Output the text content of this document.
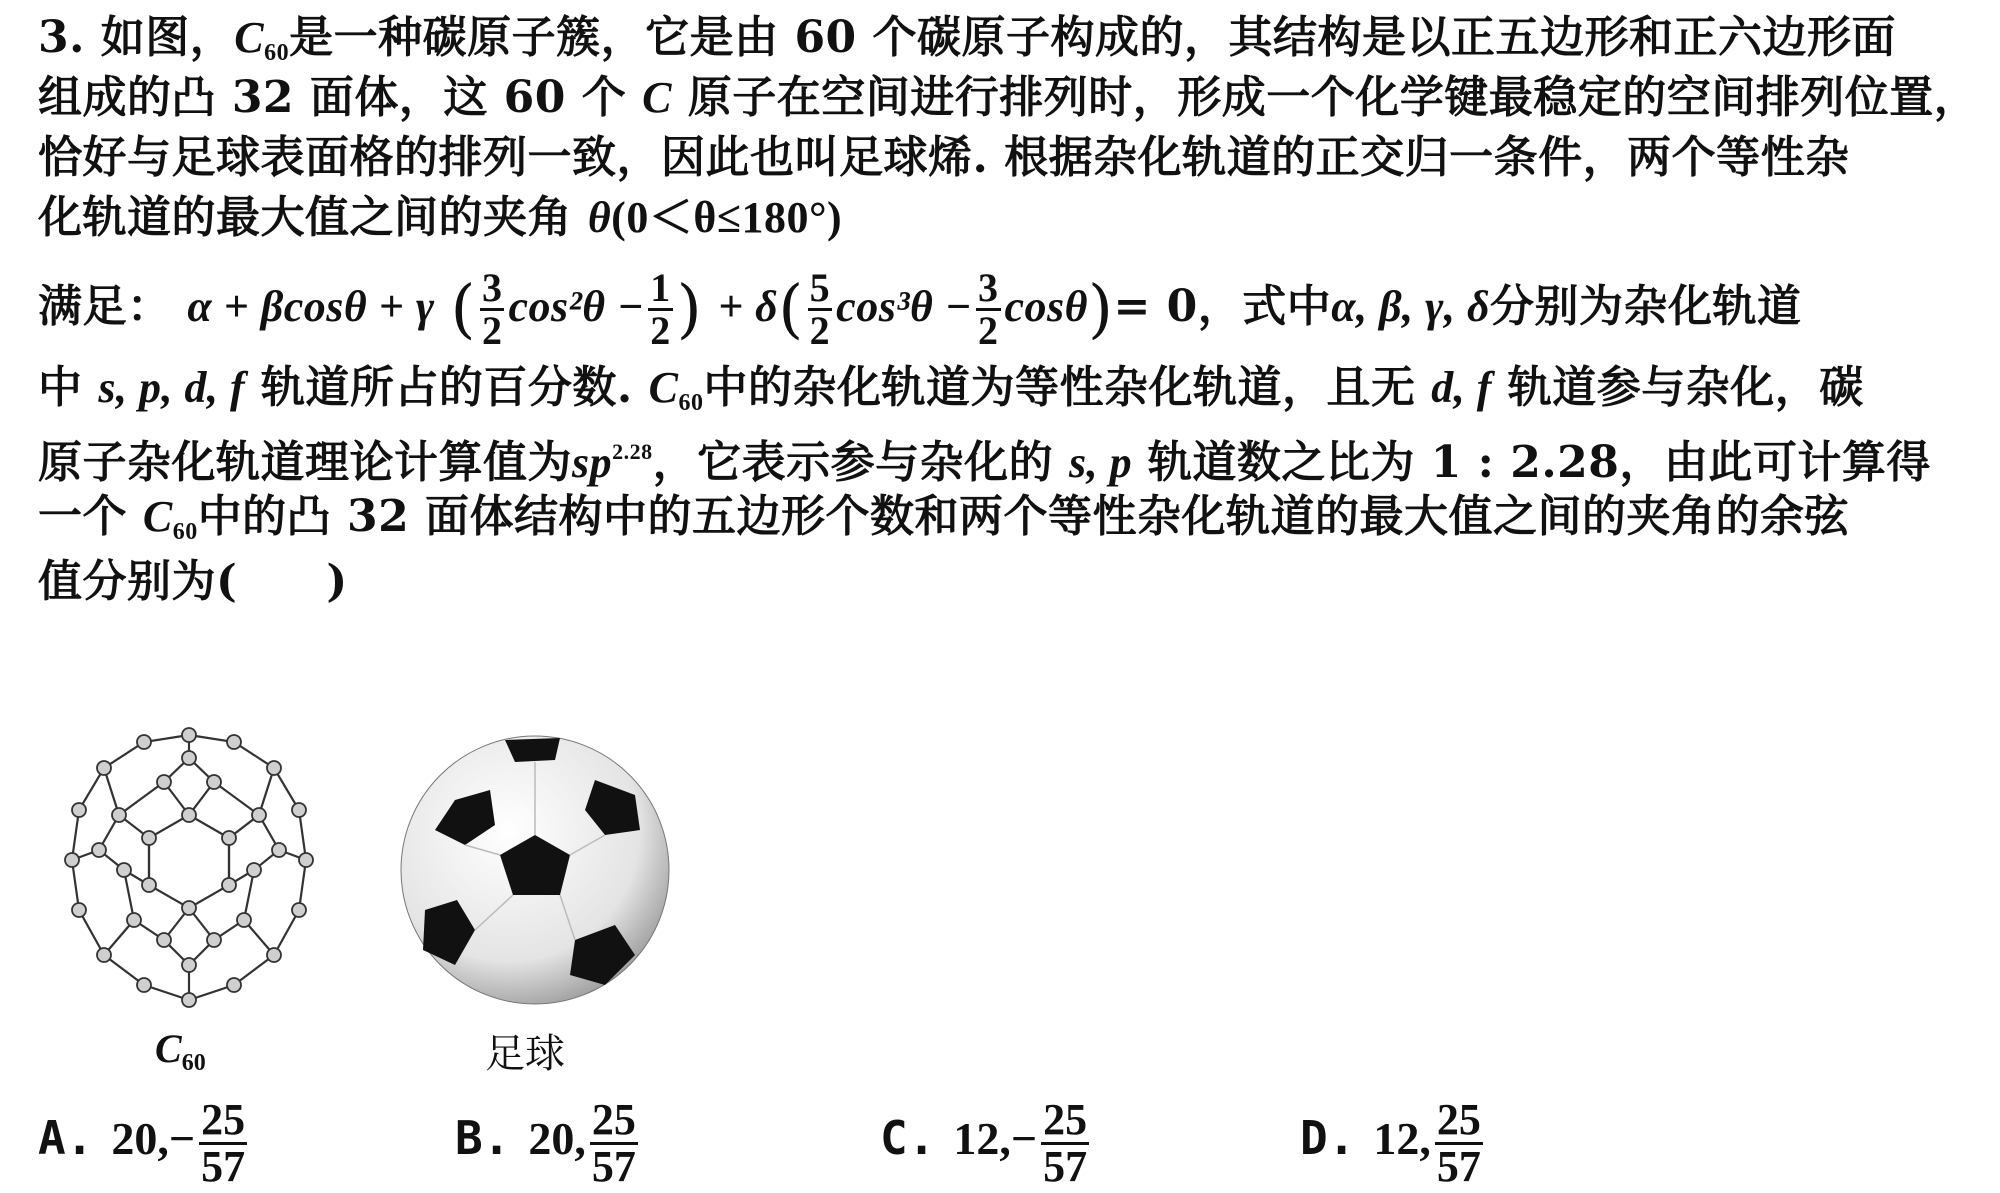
3. 如图，$C_{60}$是一种碳原子簇，它是由 60 个碳原子构成的，其结构是以正五边形和正六边形面
组成的凸 32 面体，这 60 个 C 原子在空间进行排列时，形成一个化学键最稳定的空间排列位置，
恰好与足球表面格的排列一致，因此也叫足球烯. 根据杂化轨道的正交归一条件，两个等性杂
化轨道的最大值之间的夹角 θ(0＜θ≤180°)
满足： α + βcosθ + γ ( $\frac{3}{2} \cos^2\theta - \frac{1}{2}$ ) + $\delta( \frac{5}{2} \cos^3\theta - \frac{3}{2} \cos\theta)= 0$，式中α, β, γ, δ分别为杂化轨道
中 s, p, d, f 轨道所占的百分数. $C_{60}$中的杂化轨道为等性杂化轨道，且无 d, f 轨道参与杂化，碳
原子杂化轨道理论计算值为$sp^{2.28}$，它表示参与杂化的 s, p 轨道数之比为 1 : 2.28，由此可计算得
一个 $C_{60}$中的凸 32 面体结构中的五边形个数和两个等性杂化轨道的最大值之间的夹角的余弦
值分别为(　　)
$C_{60}$	足球
A. $20,- \frac{25}{57}$	B. 20, $\frac{25}{57}$	C. $12,- \frac{25}{57}$	D. 12, $\frac{25}{57}$
